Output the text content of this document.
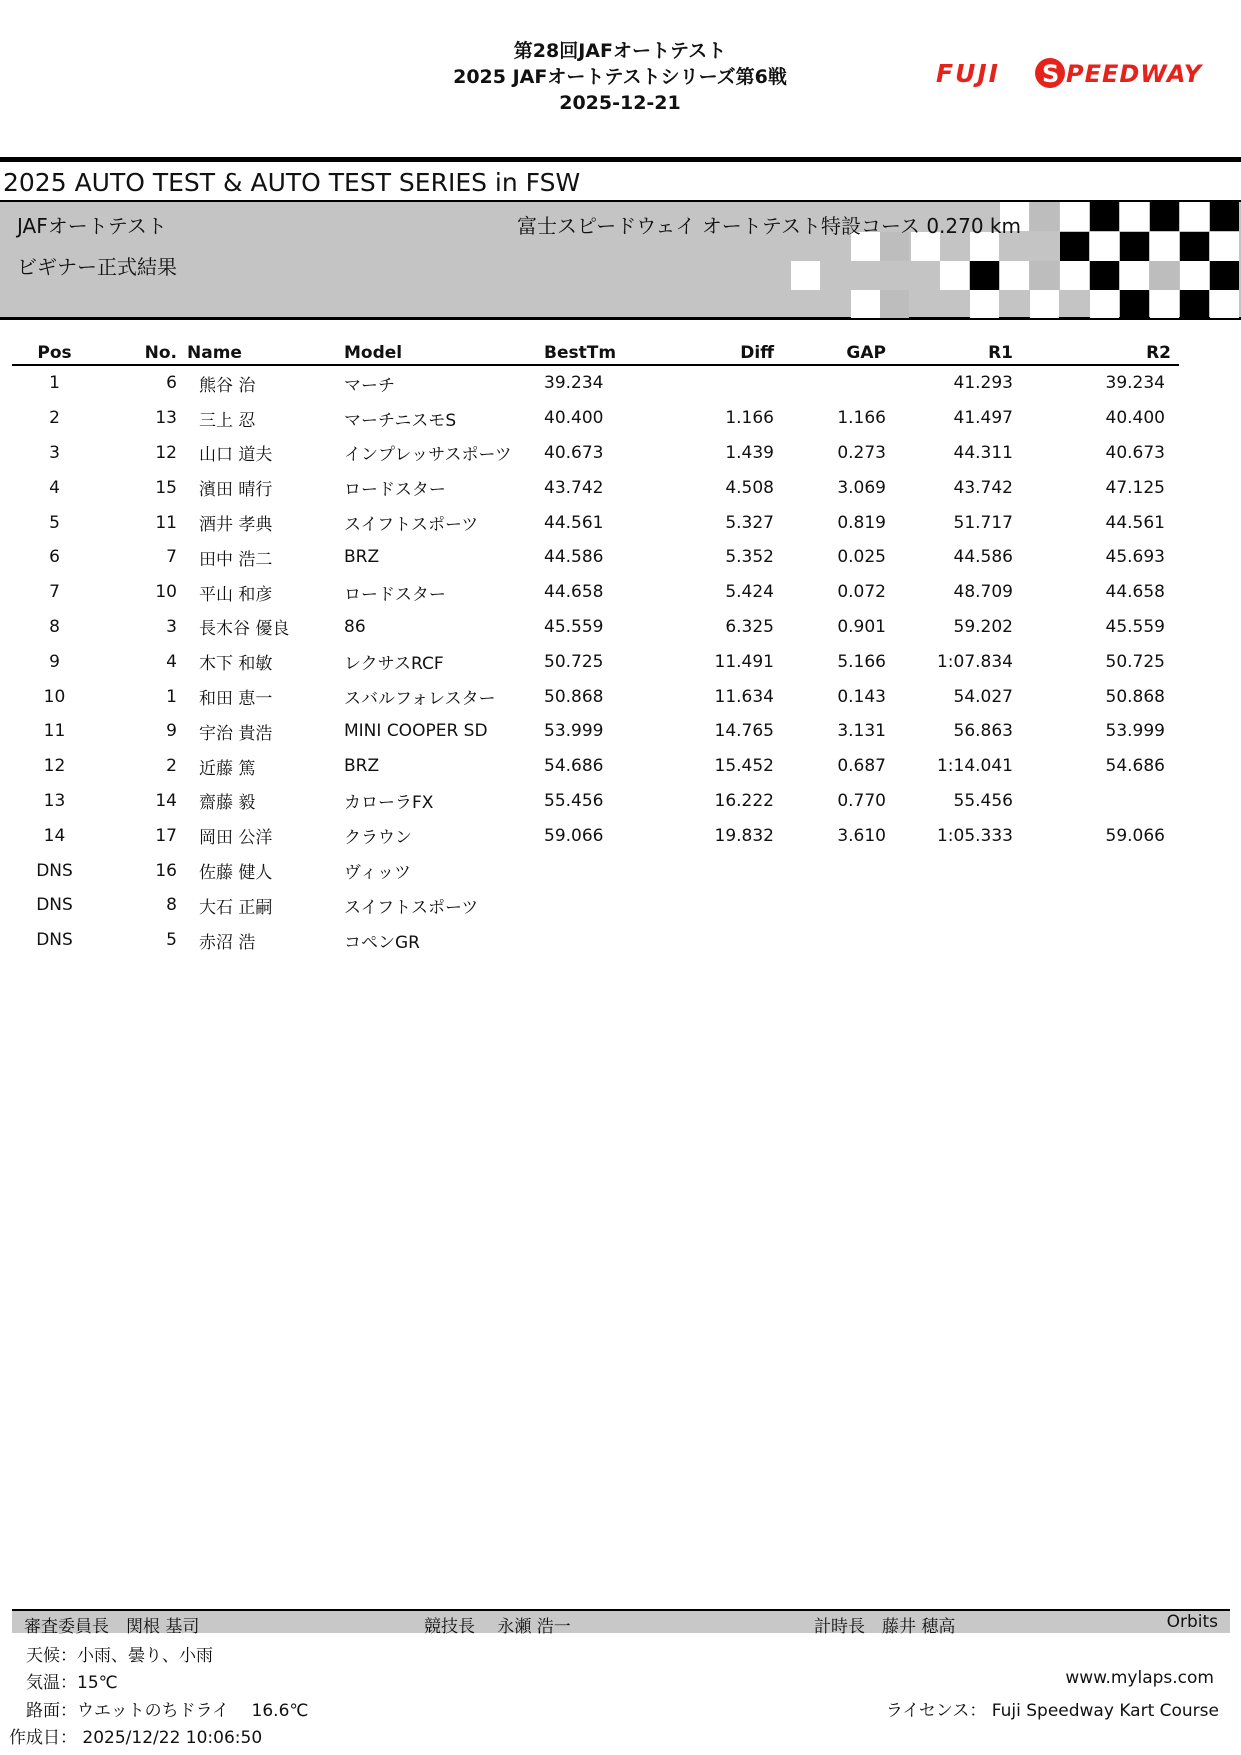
第28回JAFオートテスト
2025 JAFオートテストシリーズ第6戦
2025-12-21
FUJI S PEEDWAY
2025 AUTO TEST & AUTO TEST SERIES in FSW
JAFオートテスト
ビギナー正式結果
富士スピードウェイ オートテスト特設コース 0.270 km
Pos	No.	Name	Model	BestTm	Diff	GAP	R1	R2
1	6	熊谷 治	マーチ	39.234			41.293	39.234
2	13	三上 忍	マーチニスモS	40.400	1.166	1.166	41.497	40.400
3	12	山口 道夫	インプレッサスポーツ	40.673	1.439	0.273	44.311	40.673
4	15	濱田 晴行	ロードスター	43.742	4.508	3.069	43.742	47.125
5	11	酒井 孝典	スイフトスポーツ	44.561	5.327	0.819	51.717	44.561
6	7	田中 浩二	BRZ	44.586	5.352	0.025	44.586	45.693
7	10	平山 和彦	ロードスター	44.658	5.424	0.072	48.709	44.658
8	3	長木谷 優良	86	45.559	6.325	0.901	59.202	45.559
9	4	木下 和敏	レクサスRCF	50.725	11.491	5.166	1:07.834	50.725
10	1	和田 恵一	スバルフォレスター	50.868	11.634	0.143	54.027	50.868
11	9	宇治 貴浩	MINI COOPER SD	53.999	14.765	3.131	56.863	53.999
12	2	近藤 篤	BRZ	54.686	15.452	0.687	1:14.041	54.686
13	14	齋藤 毅	カローラFX	55.456	16.222	0.770	55.456	
14	17	岡田 公洋	クラウン	59.066	19.832	3.610	1:05.333	59.066
DNS	16	佐藤 健人	ヴィッツ					
DNS	8	大石 正嗣	スイフトスポーツ					
DNS	5	赤沼 浩	コペンGR					
審査委員長　関根 基司	競技長　 永瀬 浩一	計時長　藤井 穂高	Orbits
天候：小雨、曇り、小雨
気温：15℃
路面：ウエットのちドライ　 16.6℃
作成日： 2025/12/22 10:06:50
www.mylaps.com
ライセンス： Fuji Speedway Kart Course
